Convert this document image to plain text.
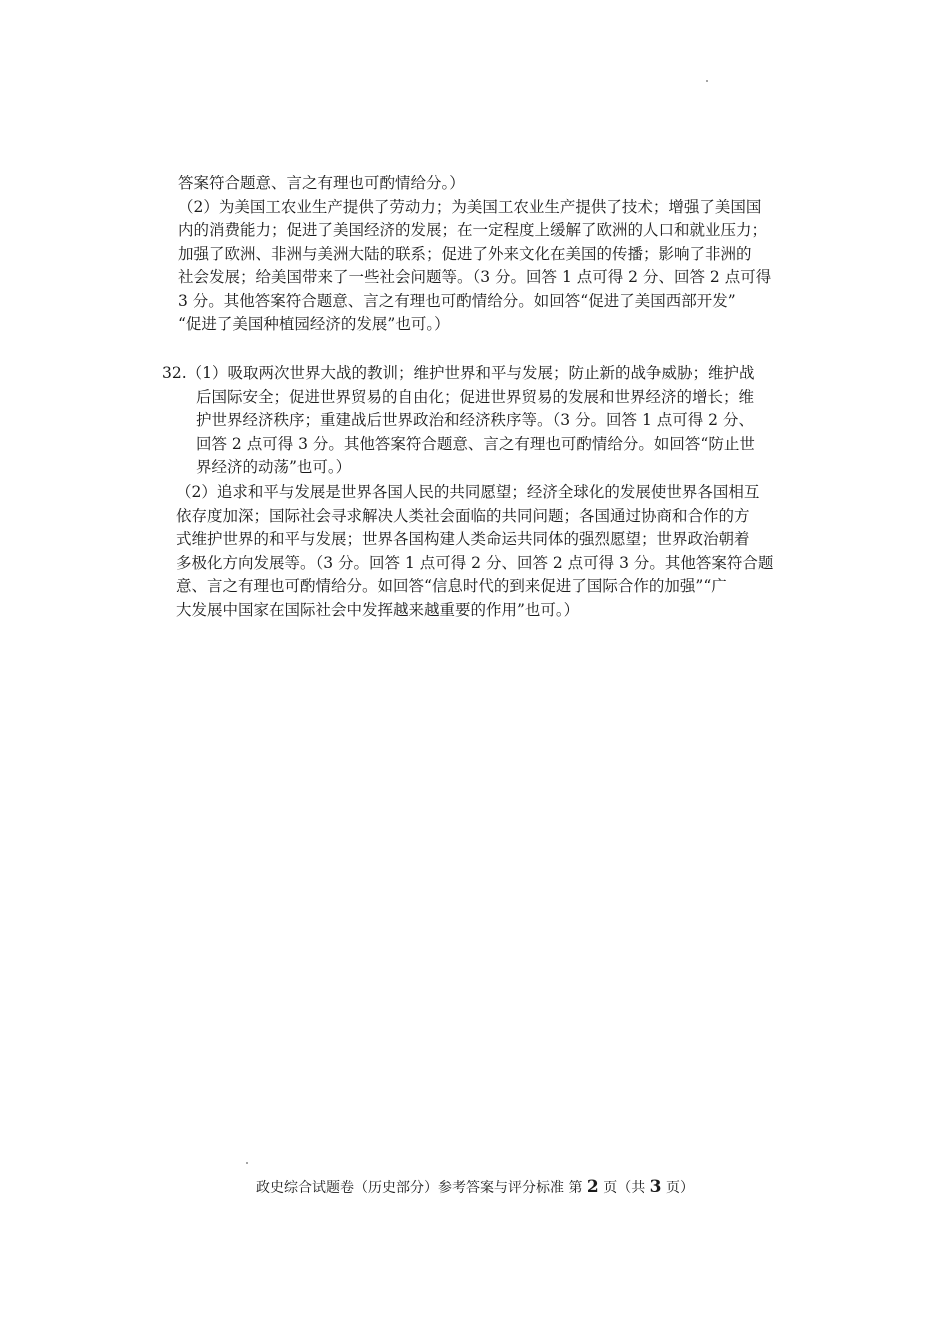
答案符合题意、言之有理也可酌情给分。）
（2）为美国工农业生产提供了劳动力；为美国工农业生产提供了技术；增强了美国国
内的消费能力；促进了美国经济的发展；在一定程度上缓解了欧洲的人口和就业压力；
加强了欧洲、非洲与美洲大陆的联系；促进了外来文化在美国的传播；影响了非洲的
社会发展；给美国带来了一些社会问题等。（3 分。回答 1 点可得 2 分、回答 2 点可得
3 分。其他答案符合题意、言之有理也可酌情给分。如回答“促进了美国西部开发”
“促进了美国种植园经济的发展”也可。）
32.（1）吸取两次世界大战的教训；维护世界和平与发展；防止新的战争威胁；维护战
后国际安全；促进世界贸易的自由化；促进世界贸易的发展和世界经济的增长；维
护世界经济秩序；重建战后世界政治和经济秩序等。（3 分。回答 1 点可得 2 分、
回答 2 点可得 3 分。其他答案符合题意、言之有理也可酌情给分。如回答“防止世
界经济的动荡”也可。）
（2）追求和平与发展是世界各国人民的共同愿望；经济全球化的发展使世界各国相互
依存度加深；国际社会寻求解决人类社会面临的共同问题；各国通过协商和合作的方
式维护世界的和平与发展；世界各国构建人类命运共同体的强烈愿望；世界政治朝着
多极化方向发展等。（3 分。回答 1 点可得 2 分、回答 2 点可得 3 分。其他答案符合题
意、言之有理也可酌情给分。如回答“信息时代的到来促进了国际合作的加强”“广
大发展中国家在国际社会中发挥越来越重要的作用”也可。）
政史综合试题卷（历史部分）参考答案与评分标准 第 2 页（共 3 页）
